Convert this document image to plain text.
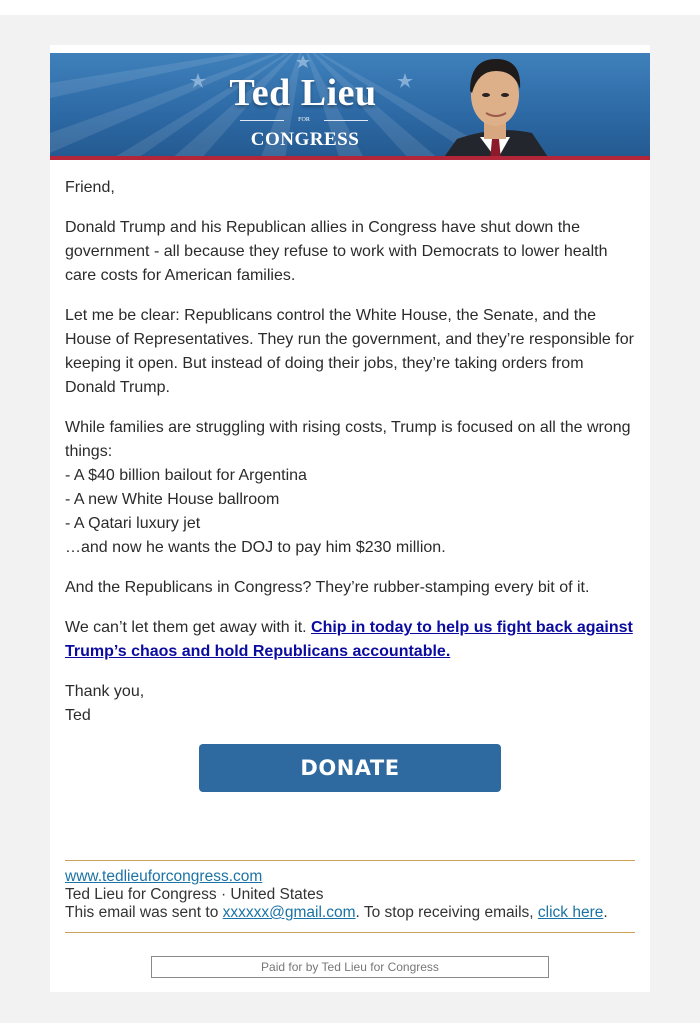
Ted Lieu
FOR
CONGRESS

Friend,

Donald Trump and his Republican allies in Congress have shut down the government - all because they refuse to work with Democrats to lower health care costs for American families.

Let me be clear: Republicans control the White House, the Senate, and the House of Representatives. They run the government, and they’re responsible for keeping it open. But instead of doing their jobs, they’re taking orders from Donald Trump.

While families are struggling with rising costs, Trump is focused on all the wrong things:
- A $40 billion bailout for Argentina
- A new White House ballroom
- A Qatari luxury jet
…and now he wants the DOJ to pay him $230 million.

And the Republicans in Congress? They’re rubber-stamping every bit of it.

We can’t let them get away with it. Chip in today to help us fight back against Trump’s chaos and hold Republicans accountable.

Thank you,
Ted

DONATE
www.tedlieuforcongress.com
Ted Lieu for Congress · United States
This email was sent to xxxxxx@gmail.com. To stop receiving emails, click here.
Paid for by Ted Lieu for Congress
